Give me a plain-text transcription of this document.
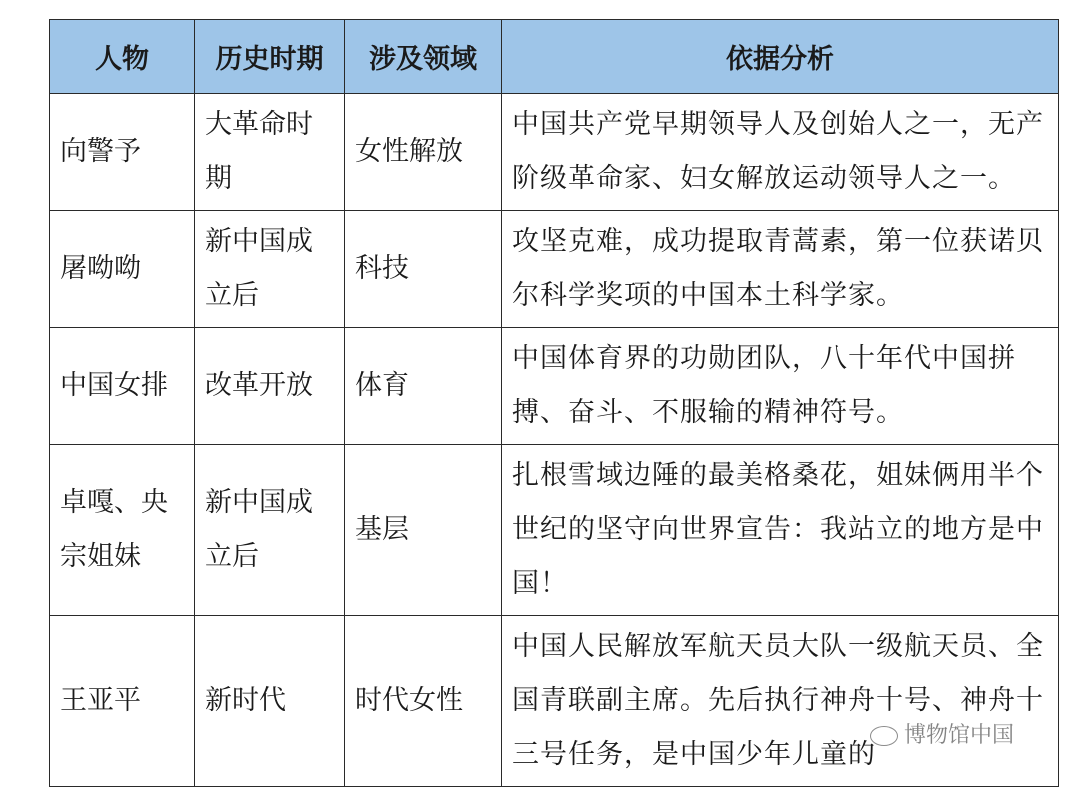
人物	历史时期	涉及领域	依据分析
向警予	大革命时期	女性解放	中国共产党早期领导人及创始人之一，无产阶级革命家、妇女解放运动领导人之一。
屠呦呦	新中国成立后	科技	攻坚克难，成功提取青蒿素，第一位获诺贝尔科学奖项的中国本土科学家。
中国女排	改革开放	体育	中国体育界的功勋团队，八十年代中国拼搏、奋斗、不服输的精神符号。
卓嘎、央宗姐妹	新中国成立后	基层	扎根雪域边陲的最美格桑花，姐妹俩用半个世纪的坚守向世界宣告：我站立的地方是中国！
王亚平	新时代	时代女性	中国人民解放军航天员大队一级航天员、全国青联副主席。先后执行神舟十号、神舟十三号任务，是中国少年儿童的
博物馆中国
